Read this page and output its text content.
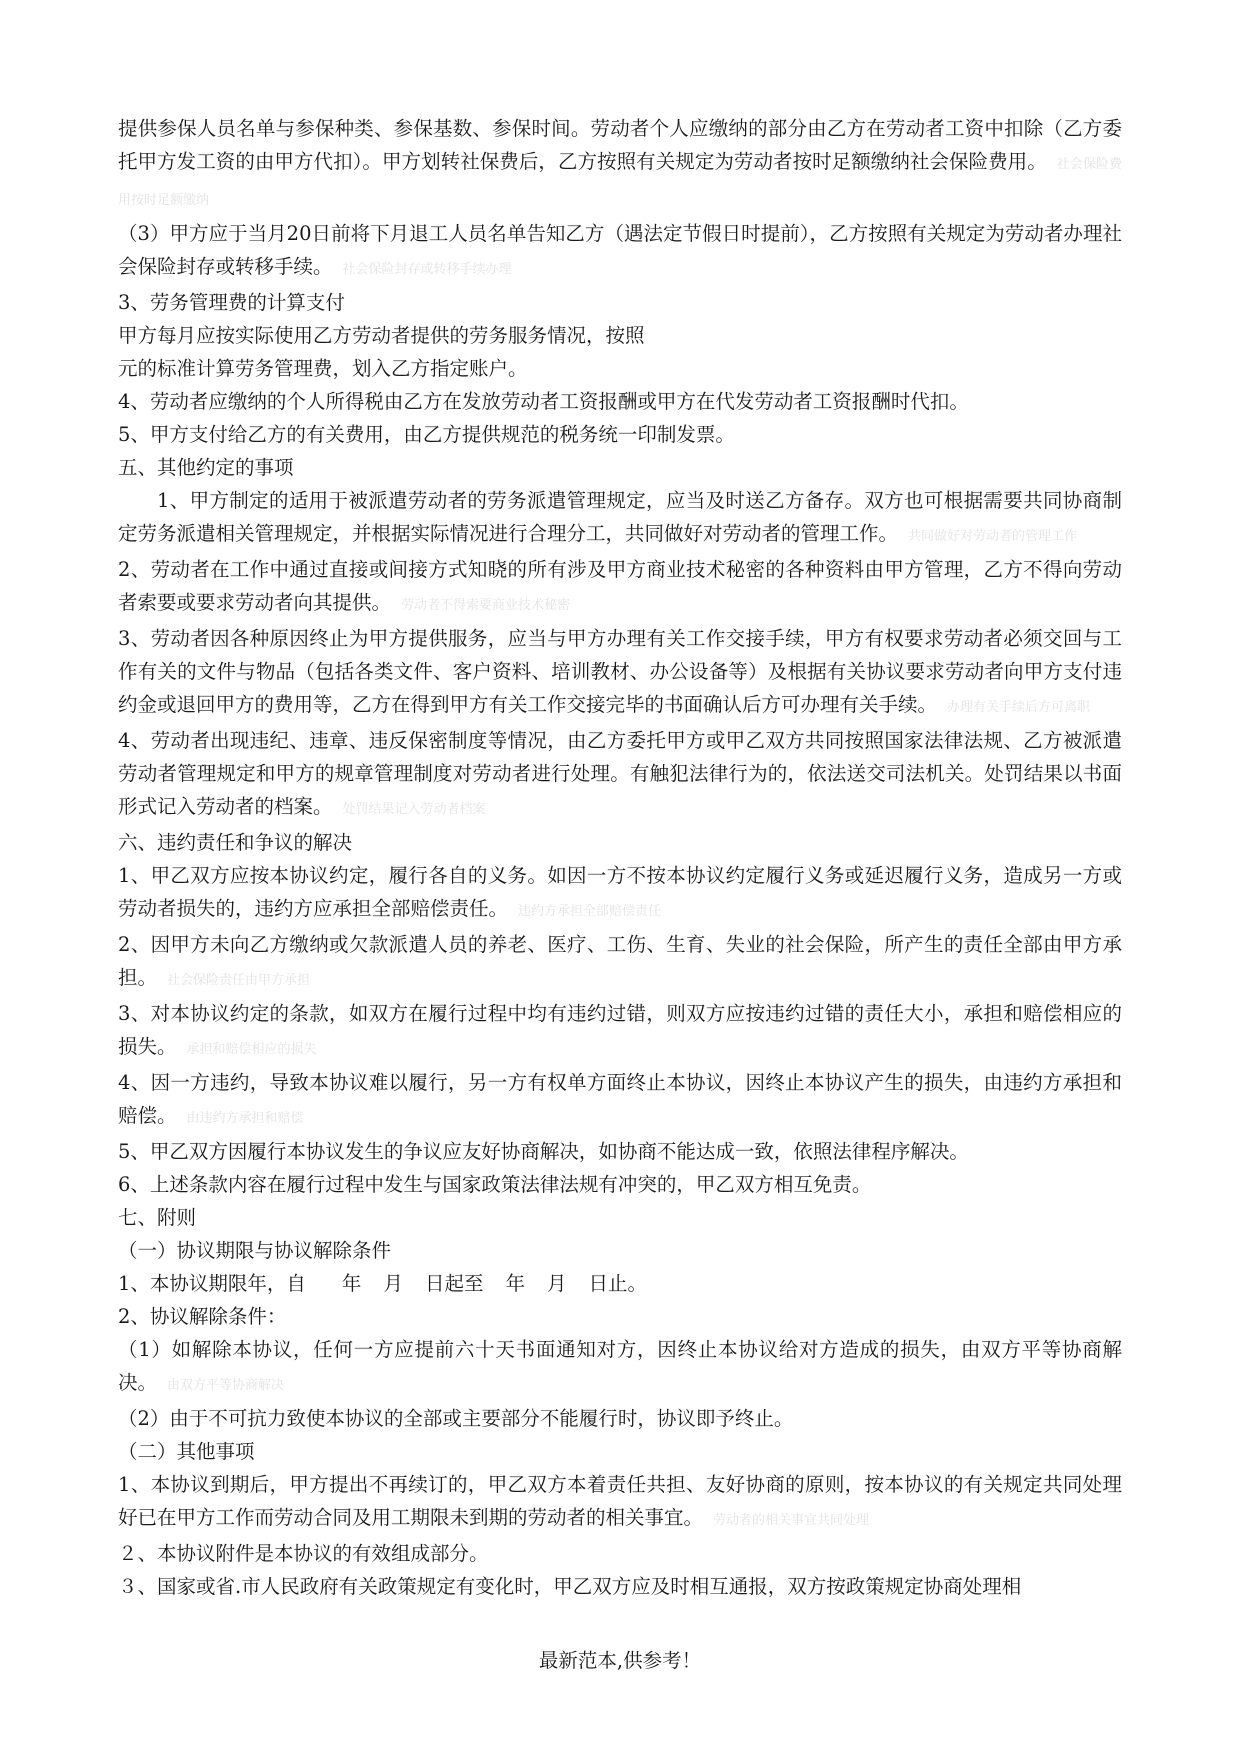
提供参保人员名单与参保种类、参保基数、参保时间。劳动者个人应缴纳的部分由乙方在劳动者工资中扣除（乙方委托甲方发工资的由甲方代扣）。甲方划转社保费后，乙方按照有关规定为劳动者按时足额缴纳社会保险费用。 社会保险费用按时足额缴纳

（3）甲方应于当月20日前将下月退工人员名单告知乙方（遇法定节假日时提前），乙方按照有关规定为劳动者办理社会保险封存或转移手续。 社会保险封存或转移手续办理

3、劳务管理费的计算支付

甲方每月应按实际使用乙方劳动者提供的劳务服务情况，按照

元的标准计算劳务管理费，划入乙方指定账户。

4、劳动者应缴纳的个人所得税由乙方在发放劳动者工资报酬或甲方在代发劳动者工资报酬时代扣。

5、甲方支付给乙方的有关费用，由乙方提供规范的税务统一印制发票。

五、其他约定的事项

1、甲方制定的适用于被派遣劳动者的劳务派遣管理规定，应当及时送乙方备存。双方也可根据需要共同协商制定劳务派遣相关管理规定，并根据实际情况进行合理分工，共同做好对劳动者的管理工作。 共同做好对劳动者的管理工作

2、劳动者在工作中通过直接或间接方式知晓的所有涉及甲方商业技术秘密的各种资料由甲方管理，乙方不得向劳动者索要或要求劳动者向其提供。 劳动者不得索要商业技术秘密

3、劳动者因各种原因终止为甲方提供服务，应当与甲方办理有关工作交接手续，甲方有权要求劳动者必须交回与工作有关的文件与物品（包括各类文件、客户资料、培训教材、办公设备等）及根据有关协议要求劳动者向甲方支付违约金或退回甲方的费用等，乙方在得到甲方有关工作交接完毕的书面确认后方可办理有关手续。 办理有关手续后方可离职

4、劳动者出现违纪、违章、违反保密制度等情况，由乙方委托甲方或甲乙双方共同按照国家法律法规、乙方被派遣劳动者管理规定和甲方的规章管理制度对劳动者进行处理。有触犯法律行为的，依法送交司法机关。处罚结果以书面形式记入劳动者的档案。 处罚结果记入劳动者档案

六、违约责任和争议的解决

1、甲乙双方应按本协议约定，履行各自的义务。如因一方不按本协议约定履行义务或延迟履行义务，造成另一方或劳动者损失的，违约方应承担全部赔偿责任。 违约方承担全部赔偿责任

2、因甲方未向乙方缴纳或欠款派遣人员的养老、医疗、工伤、生育、失业的社会保险，所产生的责任全部由甲方承担。 社会保险责任由甲方承担

3、对本协议约定的条款，如双方在履行过程中均有违约过错，则双方应按违约过错的责任大小，承担和赔偿相应的损失。 承担和赔偿相应的损失

4、因一方违约，导致本协议难以履行，另一方有权单方面终止本协议，因终止本协议产生的损失，由违约方承担和赔偿。 由违约方承担和赔偿

5、甲乙双方因履行本协议发生的争议应友好协商解决，如协商不能达成一致，依照法律程序解决。

6、上述条款内容在履行过程中发生与国家政策法律法规有冲突的，甲乙双方相互免责。

七、附则

（一）协议期限与协议解除条件

1、本协议期限年，自 年 月 日起至 年 月 日止。

2、协议解除条件：

（1）如解除本协议，任何一方应提前六十天书面通知对方，因终止本协议给对方造成的损失，由双方平等协商解决。 由双方平等协商解决

（2）由于不可抗力致使本协议的全部或主要部分不能履行时，协议即予终止。

（二）其他事项

1、本协议到期后，甲方提出不再续订的，甲乙双方本着责任共担、友好协商的原则，按本协议的有关规定共同处理好已在甲方工作而劳动合同及用工期限未到期的劳动者的相关事宜。 劳动者的相关事宜共同处理

２、本协议附件是本协议的有效组成部分。

３、国家或省.市人民政府有关政策规定有变化时，甲乙双方应及时相互通报，双方按政策规定协商处理相

最新范本,供参考！
